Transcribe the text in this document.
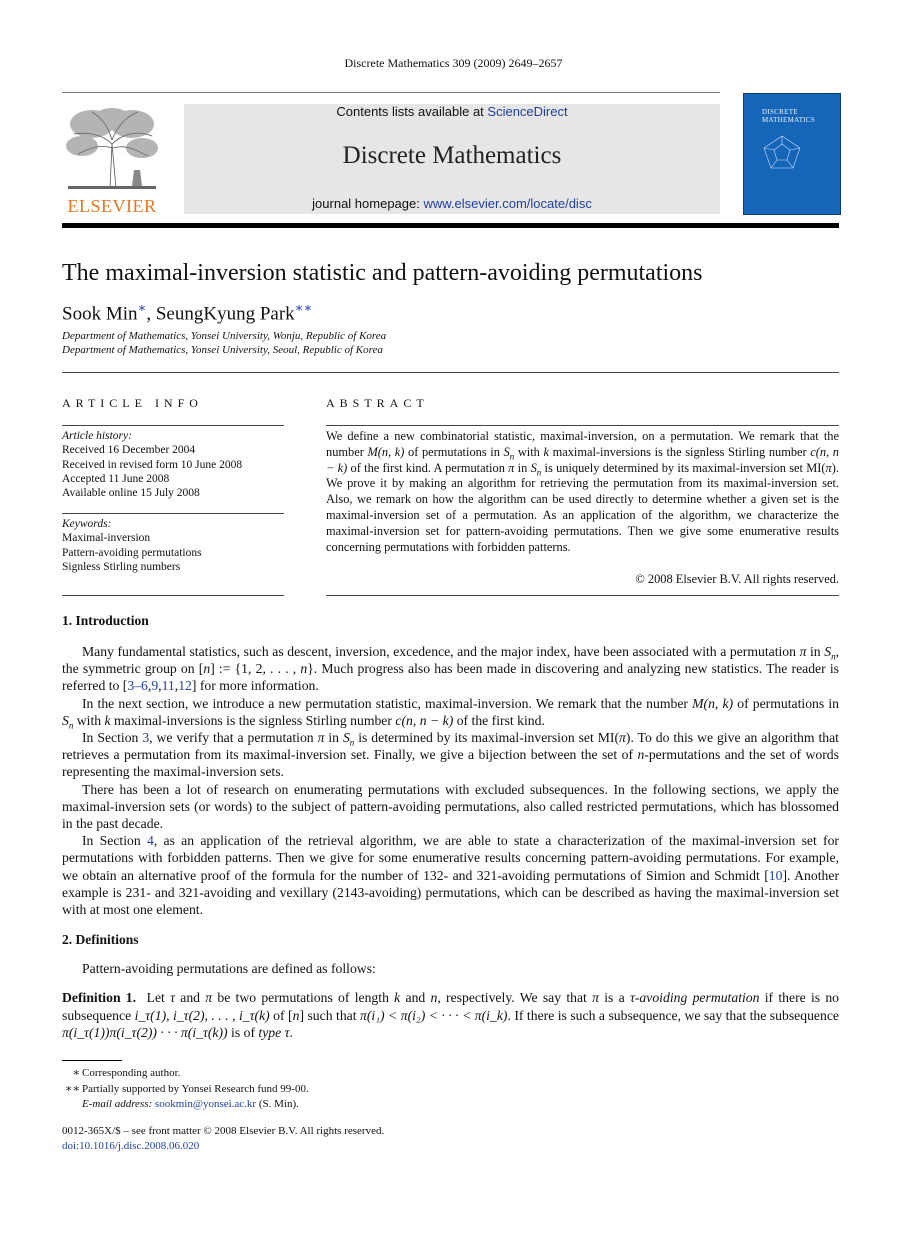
Discrete Mathematics 309 (2009) 2649–2657
ELSEVIER
Contents lists available at ScienceDirect
Discrete Mathematics
journal homepage: www.elsevier.com/locate/disc
DISCRETE MATHEMATICS
The maximal-inversion statistic and pattern-avoiding permutations
Sook Min∗, SeungKyung Park∗∗
Department of Mathematics, Yonsei University, Wonju, Republic of Korea
Department of Mathematics, Yonsei University, Seoul, Republic of Korea
ARTICLE INFO
Article history:
Received 16 December 2004
Received in revised form 10 June 2008
Accepted 11 June 2008
Available online 15 July 2008
Keywords:
Maximal-inversion
Pattern-avoiding permutations
Signless Stirling numbers
ABSTRACT
We define a new combinatorial statistic, maximal-inversion, on a permutation. We remark that the number M(n, k) of permutations in $S_n$ with k maximal-inversions is the signless Stirling number c(n, n − k) of the first kind. A permutation π in $S_n$ is uniquely determined by its maximal-inversion set MI(π). We prove it by making an algorithm for retrieving the permutation from its maximal-inversion set. Also, we remark on how the algorithm can be used directly to determine whether a given set is the maximal-inversion set of a permutation. As an application of the algorithm, we characterize the maximal-inversion set for pattern-avoiding permutations. Then we give some enumerative results concerning permutations with forbidden patterns.
© 2008 Elsevier B.V. All rights reserved.
1. Introduction

Many fundamental statistics, such as descent, inversion, excedence, and the major index, have been associated with a permutation π in $S_n$, the symmetric group on [n] := {1, 2, . . . , n}. Much progress also has been made in discovering and analyzing new statistics. The reader is referred to [3–6,9,11,12] for more information.

In the next section, we introduce a new permutation statistic, maximal-inversion. We remark that the number M(n, k) of permutations in $S_n$ with k maximal-inversions is the signless Stirling number c(n, n − k) of the first kind.

In Section 3, we verify that a permutation π in $S_n$ is determined by its maximal-inversion set MI(π). To do this we give an algorithm that retrieves a permutation from its maximal-inversion set. Finally, we give a bijection between the set of n-permutations and the set of words representing the maximal-inversion sets.

There has been a lot of research on enumerating permutations with excluded subsequences. In the following sections, we apply the maximal-inversion sets (or words) to the subject of pattern-avoiding permutations, also called restricted permutations, which has blossomed in the past decade.

In Section 4, as an application of the retrieval algorithm, we are able to state a characterization of the maximal-inversion set for permutations with forbidden patterns. Then we give for some enumerative results concerning pattern-avoiding permutations. For example, we obtain an alternative proof of the formula for the number of 132- and 321-avoiding permutations of Simion and Schmidt [10]. Another example is 231- and 321-avoiding and vexillary (2143-avoiding) permutations, which can be described as having the maximal-inversion set with at most one element.

2. Definitions

Pattern-avoiding permutations are defined as follows:

Definition 1. Let τ and π be two permutations of length k and n, respectively. We say that π is a τ-avoiding permutation if there is no subsequence i_τ(1), i_τ(2), . . . , i_τ(k) of [n] such that π(i₁) < π(i₂) < · · · < π(i_k). If there is such a subsequence, we say that the subsequence π(i_τ(1))π(i_τ(2)) · · · π(i_τ(k)) is of type τ.
∗ Corresponding author.
∗∗ Partially supported by Yonsei Research fund 99-00.
E-mail address: sookmin@yonsei.ac.kr (S. Min).
0012-365X/$ – see front matter © 2008 Elsevier B.V. All rights reserved.
doi:10.1016/j.disc.2008.06.020
